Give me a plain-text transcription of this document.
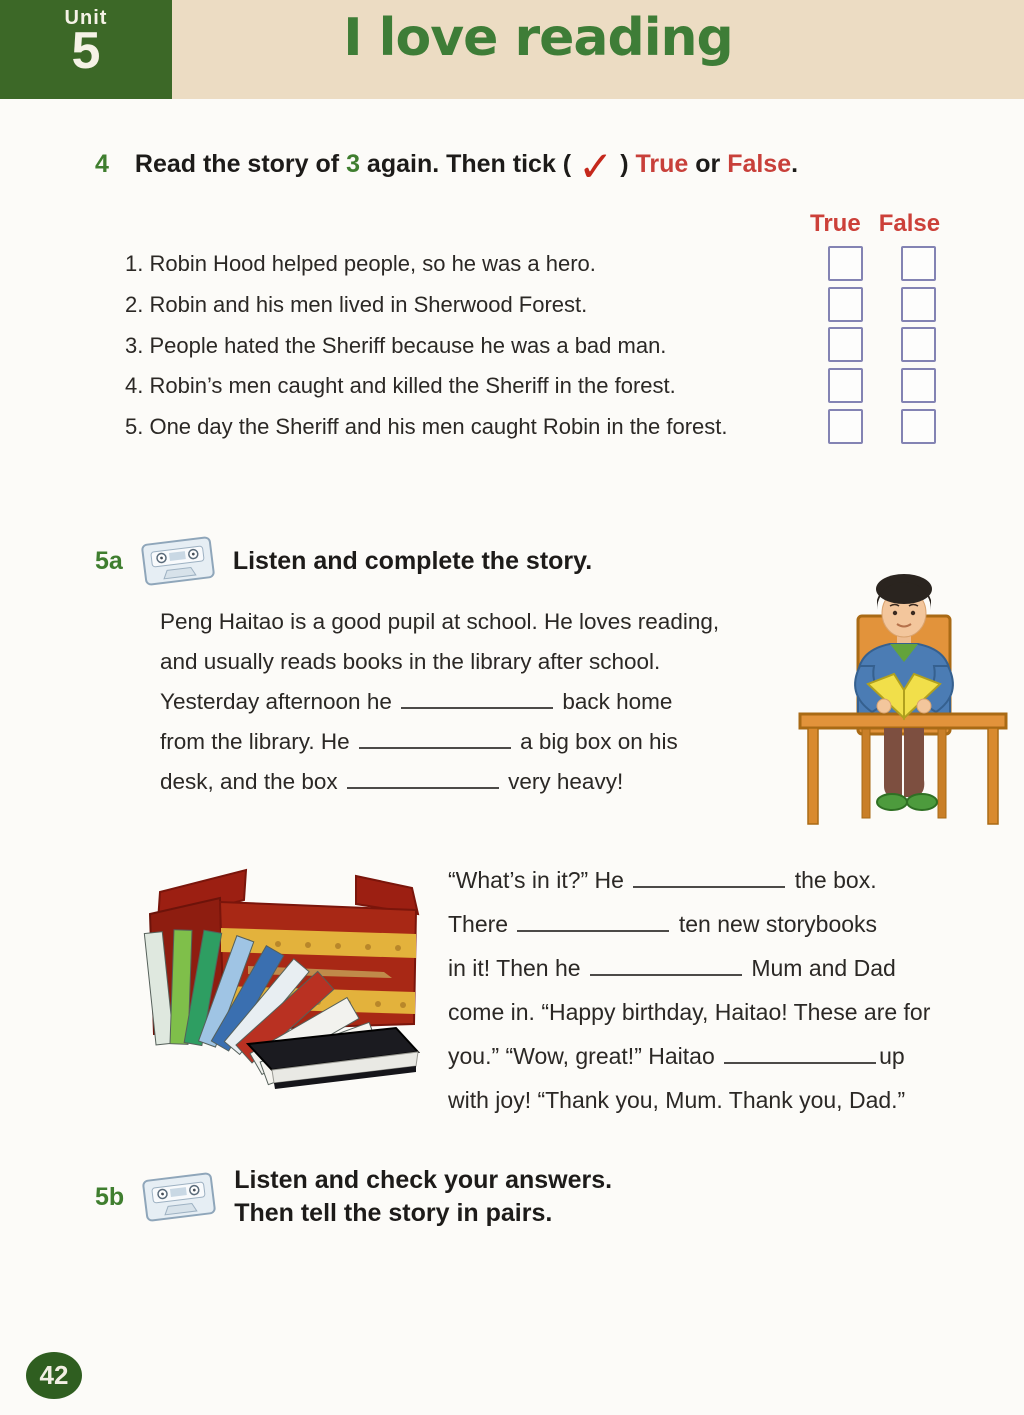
Unit
5	I love reading
4 Read the story of 3 again. Then tick ( ✓ ) True or False.
True False
1. Robin Hood helped people, so he was a hero.
2. Robin and his men lived in Sherwood Forest.
3. People hated the Sheriff because he was a bad man.
4. Robin’s men caught and killed the Sheriff in the forest.
5. One day the Sheriff and his men caught Robin in the forest.
5a	Listen and complete the story.
Peng Haitao is a good pupil at school. He loves reading,
and usually reads books in the library after school.
Yesterday afternoon he	back home
from the library. He	a big box on his
desk, and the box	very heavy!
“What’s in it?” He	the box.
There	ten new storybooks
in it! Then he	Mum and Dad
come in. “Happy birthday, Haitao! These are for
you.” “Wow, great!” Haitao	up
with joy! “Thank you, Mum. Thank you, Dad.”
5b
Listen and check your answers.
Then tell the story in pairs.
42
